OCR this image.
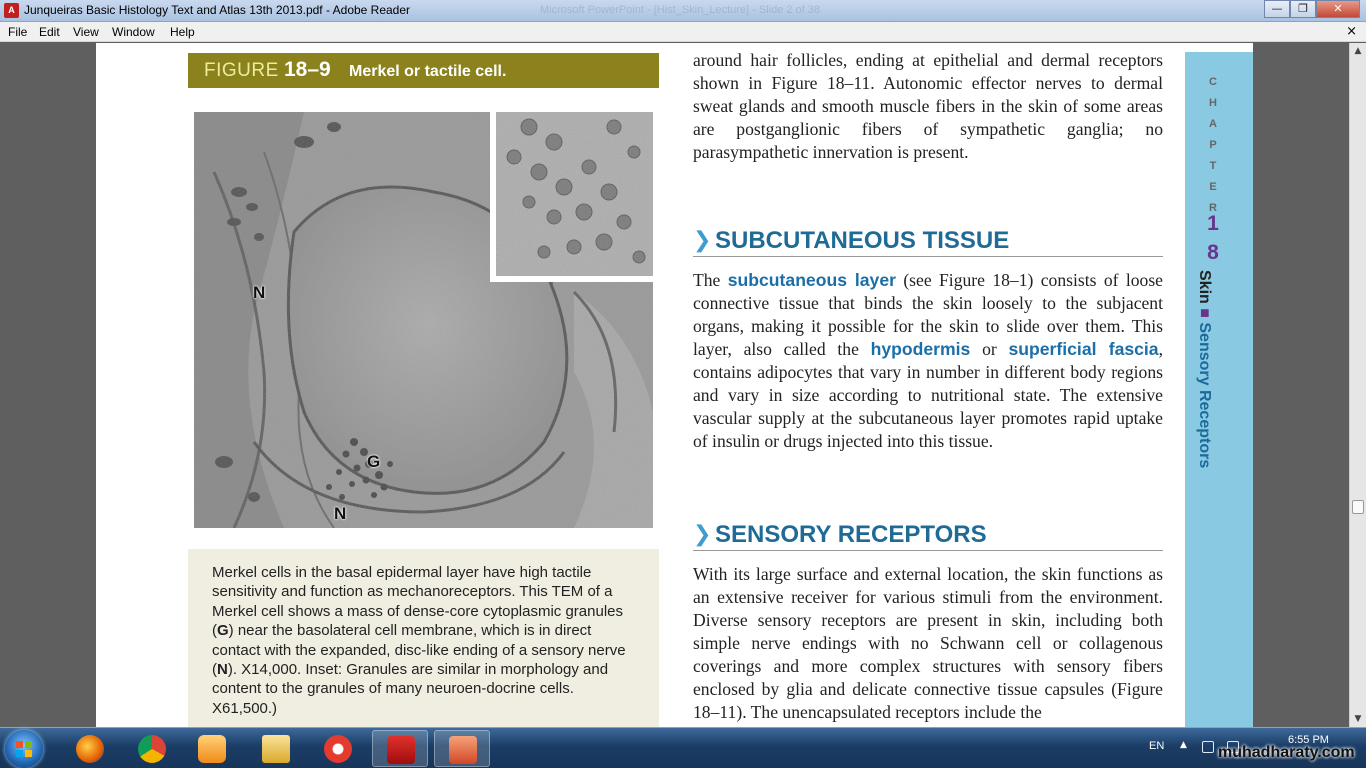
A Junqueiras Basic Histology Text and Atlas 13th 2013.pdf - Adobe Reader	Microsoft PowerPoint - [Hist_Skin_Lecture] - Slide 2 of 38	—	❐	✕
File Edit View Window Help	×
FIGURE 18–9 Merkel or tactile cell.
N
G
N

Merkel cells in the basal epidermal layer have high tactile sensitivity and function as mechanoreceptors. This TEM of a Merkel cell shows a mass of dense-core cytoplasmic granules (G) near the basolateral cell membrane, which is in direct contact with the expanded, disc-like ending of a sensory nerve (N). X14,000. Inset: Granules are similar in morphology and content to the granules of many neuroen-docrine cells. X61,500.)

around hair follicles, ending at epithelial and dermal receptors shown in Figure 18–11. Autonomic effector nerves to dermal sweat glands and smooth muscle fibers in the skin of some areas are postganglionic fibers of sympathetic ganglia; no parasympathetic innervation is present.

❯ SUBCUTANEOUS TISSUE

The subcutaneous layer (see Figure 18–1) consists of loose connective tissue that binds the skin loosely to the subjacent organs, making it possible for the skin to slide over them. This layer, also called the hypodermis or superficial fascia, contains adipocytes that vary in number in different body regions and vary in size according to nutritional state. The extensive vascular supply at the subcutaneous layer promotes rapid uptake of insulin or drugs injected into this tissue.

❯ SENSORY RECEPTORS

With its large surface and external location, the skin functions as an extensive receiver for various stimuli from the environment. Diverse sensory receptors are present in skin, including both simple nerve endings with no Schwann cell or collagenous coverings and more complex structures with sensory fibers enclosed by glia and delicate connective tissue capsules (Figure 18–11). The unencapsulated receptors include the

C
H
A
P
T
E
R
1
8
Skin ■ Sensory Receptors
▲
▼
EN ▲	6:55 PM
muhadharaty.com
